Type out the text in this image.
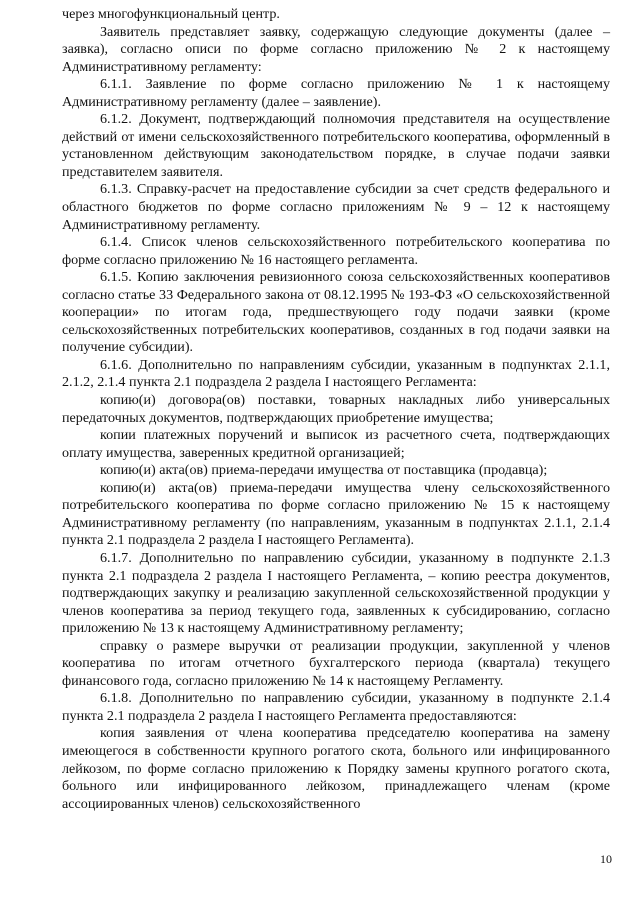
через многофункциональный центр.

Заявитель представляет заявку, содержащую следующие документы (далее – заявка), согласно описи по форме согласно приложению № 2 к настоящему Административному регламенту:

6.1.1. Заявление по форме согласно приложению № 1 к настоящему Административному регламенту (далее – заявление).

6.1.2. Документ, подтверждающий полномочия представителя на осуществление действий от имени сельскохозяйственного потребительского кооператива, оформленный в установленном действующим законодательством порядке, в случае подачи заявки представителем заявителя.

6.1.3. Справку-расчет на предоставление субсидии за счет средств федерального и областного бюджетов по форме согласно приложениям № 9 – 12 к настоящему Административному регламенту.

6.1.4. Список членов сельскохозяйственного потребительского кооператива по форме согласно приложению № 16 настоящего регламента.

6.1.5. Копию заключения ревизионного союза сельскохозяйственных кооперативов согласно статье 33 Федерального закона от 08.12.1995 № 193-ФЗ «О сельскохозяйственной кооперации» по итогам года, предшествующего году подачи заявки (кроме сельскохозяйственных потребительских кооперативов, созданных в год подачи заявки на получение субсидии).

6.1.6. Дополнительно по направлениям субсидии, указанным в подпунктах 2.1.1, 2.1.2, 2.1.4 пункта 2.1 подраздела 2 раздела I настоящего Регламента:

копию(и) договора(ов) поставки, товарных накладных либо универсальных передаточных документов, подтверждающих приобретение имущества;

копии платежных поручений и выписок из расчетного счета, подтверждающих оплату имущества, заверенных кредитной организацией;

копию(и) акта(ов) приема-передачи имущества от поставщика (продавца);

копию(и) акта(ов) приема-передачи имущества члену сельскохозяйственного потребительского кооператива по форме согласно приложению № 15 к настоящему Административному регламенту (по направлениям, указанным в подпунктах 2.1.1, 2.1.4 пункта 2.1 подраздела 2 раздела I настоящего Регламента).

6.1.7. Дополнительно по направлению субсидии, указанному в подпункте 2.1.3 пункта 2.1 подраздела 2 раздела I настоящего Регламента, – копию реестра документов, подтверждающих закупку и реализацию закупленной сельскохозяйственной продукции у членов кооператива за период текущего года, заявленных к субсидированию, согласно приложению № 13 к настоящему Административному регламенту;

справку о размере выручки от реализации продукции, закупленной у членов кооператива по итогам отчетного бухгалтерского периода (квартала) текущего финансового года, согласно приложению № 14 к настоящему Регламенту.

6.1.8. Дополнительно по направлению субсидии, указанному в подпункте 2.1.4 пункта 2.1 подраздела 2 раздела I настоящего Регламента предоставляются:

копия заявления от члена кооператива председателю кооператива на замену имеющегося в собственности крупного рогатого скота, больного или инфицированного лейкозом, по форме согласно приложению к Порядку замены крупного рогатого скота, больного или инфицированного лейкозом, принадлежащего членам (кроме ассоциированных членов) сельскохозяйственного

10
